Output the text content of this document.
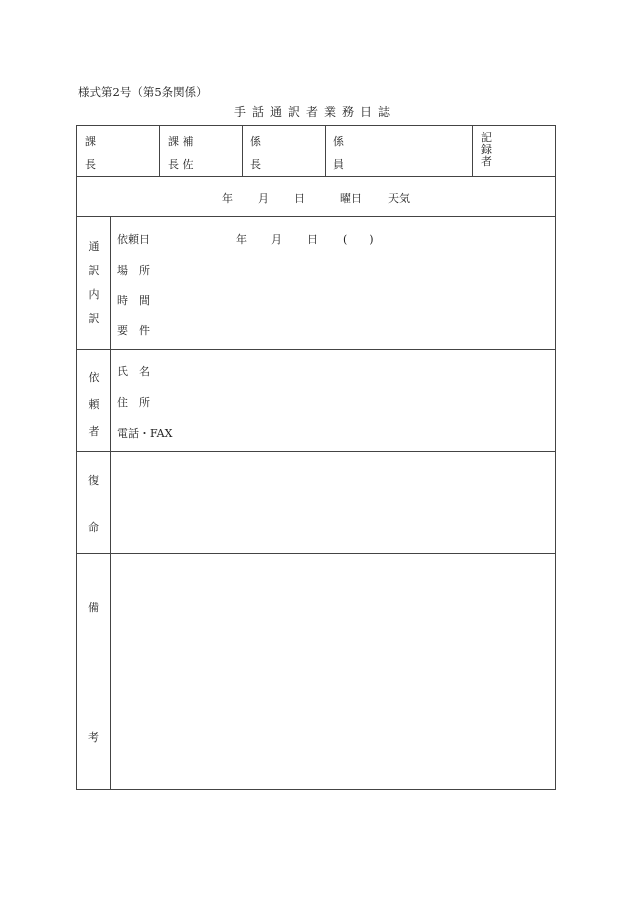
様式第2号（第5条関係）
手話通訳者業務日誌
課
長
課 補
長 佐
係
長
係
員
記
録
者
年 月 日	曜日 天気
通
訳
内
訳
依頼日	年 月 日 (　　)
場　所
時　間
要　件
依
頼
者
氏　名
住　所
電話・FAX
復
命
備
考
